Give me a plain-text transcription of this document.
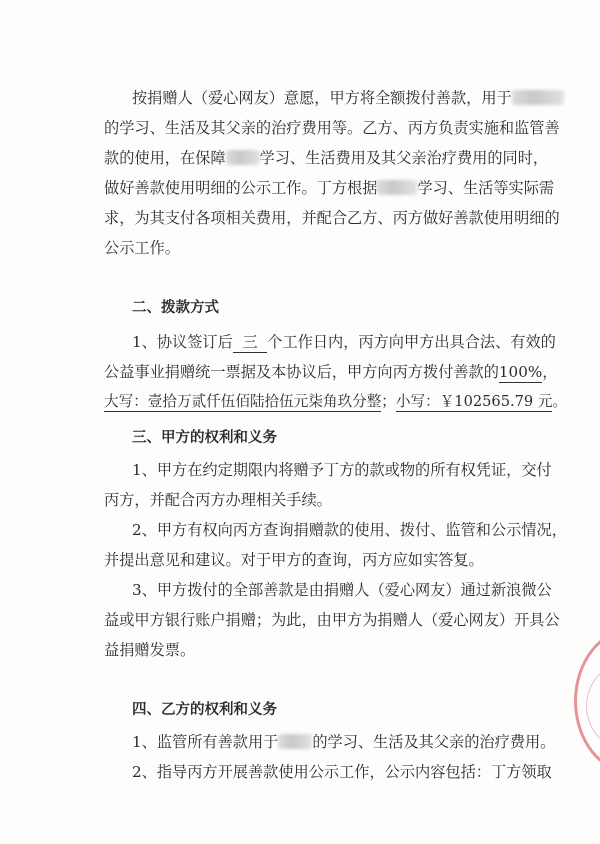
按捐赠人（爱心网友）意愿，甲方将全额拨付善款，用于
的学习、生活及其父亲的治疗费用等。乙方、丙方负责实施和监管善
款的使用，在保障 学习、生活费用及其父亲治疗费用的同时，
做好善款使用明细的公示工作。丁方根据	学习、生活等实际需
求，为其支付各项相关费用，并配合乙方、丙方做好善款使用明细的
公示工作。
二、拨款方式
1、协议签订后 三 个工作日内，丙方向甲方出具合法、有效的
公益事业捐赠统一票据及本协议后，甲方向丙方拨付善款的100%，
大写：壹拾万贰仟伍佰陆拾伍元柒角玖分整；小写：￥102565.79 元。
三、甲方的权利和义务
1、甲方在约定期限内将赠予丁方的款或物的所有权凭证，交付
丙方，并配合丙方办理相关手续。
2、甲方有权向丙方查询捐赠款的使用、拨付、监管和公示情况，
并提出意见和建议。对于甲方的查询，丙方应如实答复。
3、甲方拨付的全部善款是由捐赠人（爱心网友）通过新浪微公
益或甲方银行账户捐赠；为此，由甲方为捐赠人（爱心网友）开具公
益捐赠发票。
四、乙方的权利和义务
1、监管所有善款用于 的学习、生活及其父亲的治疗费用。
2、指导丙方开展善款使用公示工作，公示内容包括：丁方领取
